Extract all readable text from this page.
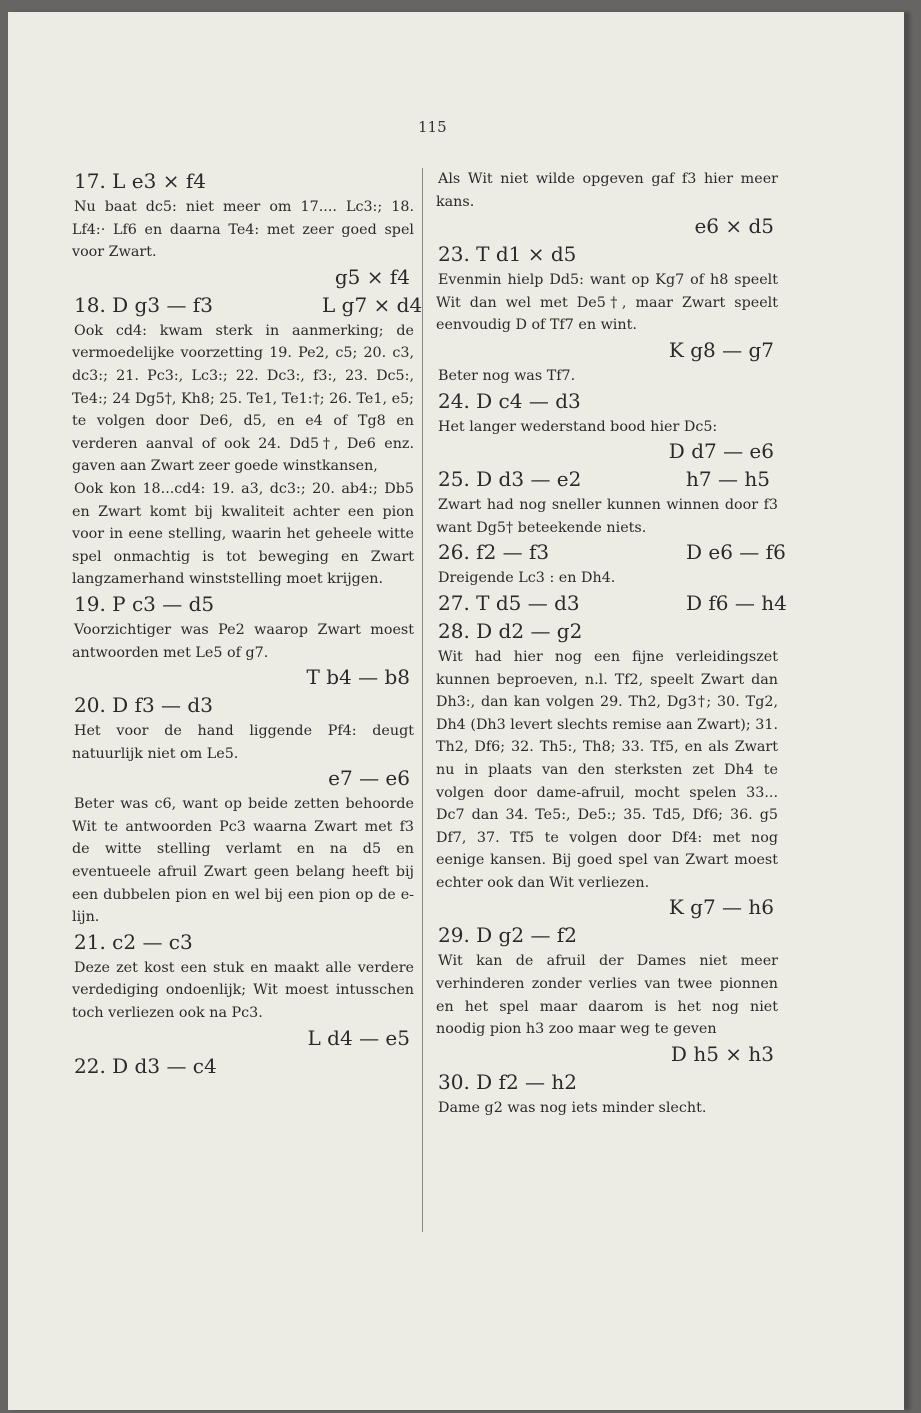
115
17. L e3 × f4

Nu baat dc5: niet meer om 17.... Lc3:; 18. Lf4:· Lf6 en daarna Te4: met zeer goed spel voor Zwart.

g5 × f4
18. D g3 — f3	L g7 × d4

Ook cd4: kwam sterk in aanmerking; de vermoedelijke voorzetting 19. Pe2, c5; 20. c3, dc3:; 21. Pc3:, Lc3:; 22. Dc3:, f3:, 23. Dc5:, Te4:; 24 Dg5†, Kh8; 25. Te1, Te1:†; 26. Te1, e5; te volgen door De6, d5, en e4 of Tg8 en verderen aanval of ook 24. Dd5†, De6 enz. gaven aan Zwart zeer goede winstkansen,

Ook kon 18...cd4: 19. a3, dc3:; 20. ab4:; Db5 en Zwart komt bij kwaliteit achter een pion voor in eene stelling, waarin het geheele witte spel onmachtig is tot beweging en Zwart langzamerhand winststelling moet krijgen.

19. P c3 — d5

Voorzichtiger was Pe2 waarop Zwart moest antwoorden met Le5 of g7.

T b4 — b8
20. D f3 — d3

Het voor de hand liggende Pf4: deugt natuurlijk niet om Le5.

e7 — e6

Beter was c6, want op beide zetten behoorde Wit te antwoorden Pc3 waarna Zwart met f3 de witte stelling verlamt en na d5 en eventueele afruil Zwart geen belang heeft bij een dubbelen pion en wel bij een pion op de e-lijn.

21. c2 — c3

Deze zet kost een stuk en maakt alle verdere verdediging ondoenlijk; Wit moest intusschen toch verliezen ook na Pc3.

L d4 — e5
22. D d3 — c4

Als Wit niet wilde opgeven gaf f3 hier meer kans.

e6 × d5
23. T d1 × d5

Evenmin hielp Dd5: want op Kg7 of h8 speelt Wit dan wel met De5†, maar Zwart speelt eenvoudig D of Tf7 en wint.

K g8 — g7

Beter nog was Tf7.

24. D c4 — d3

Het langer wederstand bood hier Dc5:

D d7 — e6
25. D d3 — e2	h7 — h5

Zwart had nog sneller kunnen winnen door f3 want Dg5† beteekende niets.

26. f2 — f3	D e6 — f6

Dreigende Lc3 : en Dh4.

27. T d5 — d3	D f6 — h4
28. D d2 — g2

Wit had hier nog een fijne verleidingszet kunnen beproeven, n.l. Tf2, speelt Zwart dan Dh3:, dan kan volgen 29. Th2, Dg3†; 30. Tg2, Dh4 (Dh3 levert slechts remise aan Zwart); 31. Th2, Df6; 32. Th5:, Th8; 33. Tf5, en als Zwart nu in plaats van den sterksten zet Dh4 te volgen door dame-afruil, mocht spelen 33... Dc7 dan 34. Te5:, De5:; 35. Td5, Df6; 36. g5 Df7, 37. Tf5 te volgen door Df4: met nog eenige kansen. Bij goed spel van Zwart moest echter ook dan Wit verliezen.

K g7 — h6
29. D g2 — f2

Wit kan de afruil der Dames niet meer verhinderen zonder verlies van twee pionnen en het spel maar daarom is het nog niet noodig pion h3 zoo maar weg te geven

D h5 × h3
30. D f2 — h2

Dame g2 was nog iets minder slecht.
